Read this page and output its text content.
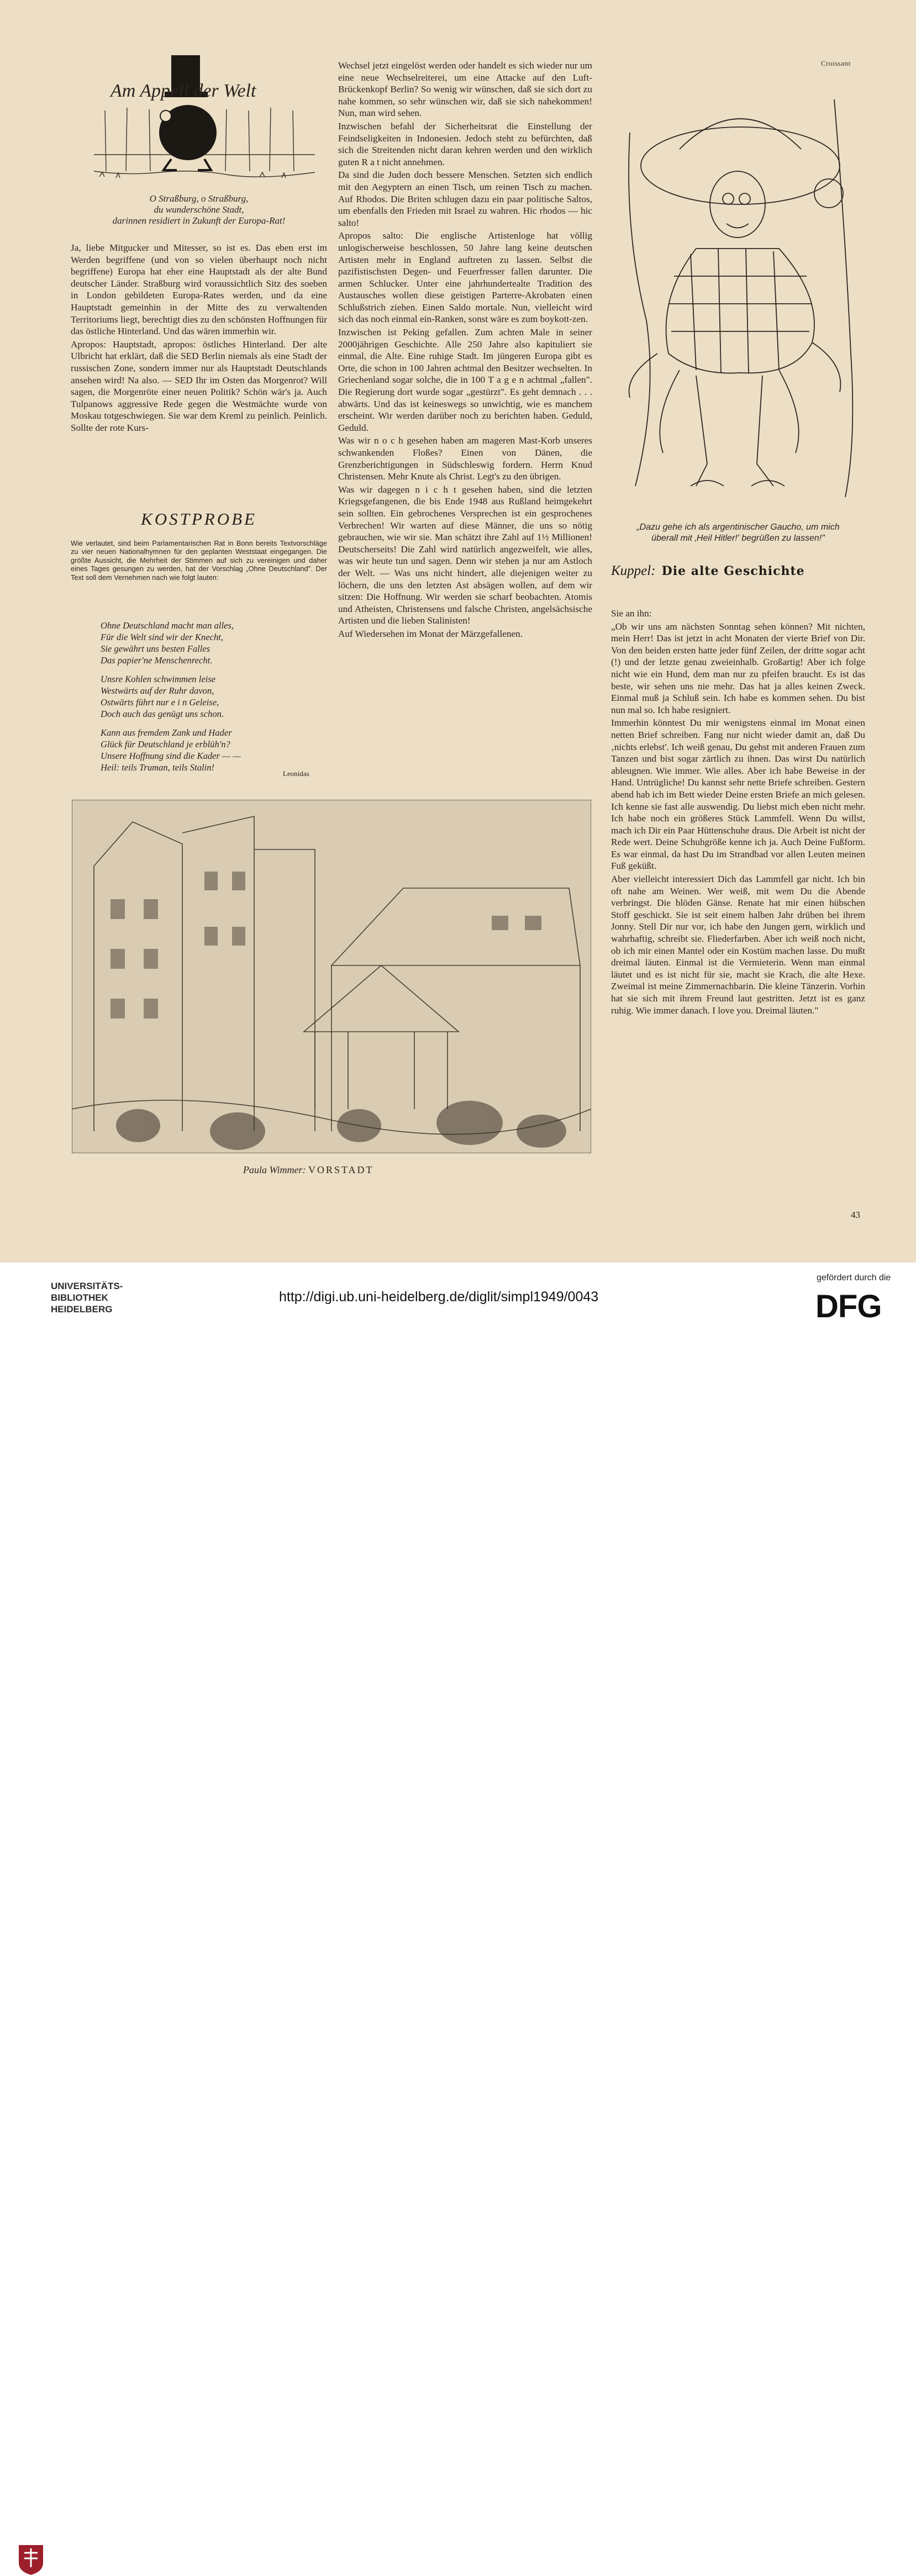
Am Appell der Welt
O Straßburg, o Straßburg,
du wunderschöne Stadt,
darinnen residiert in Zukunft der Europa-Rat!

Ja, liebe Mitgucker und Mitesser, so ist es. Das eben erst im Werden begriffene (und von so vielen überhaupt noch nicht begriffene) Europa hat eher eine Hauptstadt als der alte Bund deutscher Länder. Straßburg wird voraussichtlich Sitz des soeben in London gebildeten Europa-Rates werden, und da eine Hauptstadt gemeinhin in der Mitte des zu verwaltenden Territoriums liegt, berechtigt dies zu den schönsten Hoffnungen für das östliche Hinterland. Und das wären immerhin wir.

Apropos: Hauptstadt, apropos: östliches Hinterland. Der alte Ulbricht hat erklärt, daß die SED Berlin niemals als eine Stadt der russischen Zone, sondern immer nur als Hauptstadt Deutschlands ansehen wird! Na also. — SED Ihr im Osten das Morgenrot? Will sagen, die Morgenröte einer neuen Politik? Schön wär's ja. Auch Tulpanows aggressive Rede gegen die Westmächte wurde von Moskau totgeschwiegen. Sie war dem Kreml zu peinlich. Peinlich. Sollte der rote Kurs-

KOSTPROBE
Wie verlautet, sind beim Parlamentarischen Rat in Bonn bereits Textvorschläge zu vier neuen Nationalhymnen für den geplanten Weststaat eingegangen. Die größte Aussicht, die Mehrheit der Stimmen auf sich zu vereinigen und daher eines Tages gesungen zu werden, hat der Vorschlag „Ohne Deutschland". Der Text soll dem Vernehmen nach wie folgt lauten:
Ohne Deutschland macht man alles,
Für die Welt sind wir der Knecht,
Sie gewährt uns besten Falles
Das papier'ne Menschenrecht.
Unsre Kohlen schwimmen leise
Westwärts auf der Ruhr davon,
Ostwärts führt nur e i n Geleise,
Doch auch das genügt uns schon.
Kann aus fremdem Zank und Hader
Glück für Deutschland je erblüh'n?
Unsere Hoffnung sind die Kader — —
Heil: teils Truman, teils Stalin!
Leonidas

Wechsel jetzt eingelöst werden oder handelt es sich wieder nur um eine neue Wechselreiterei, um eine Attacke auf den Luft-Brückenkopf Berlin? So wenig wir wünschen, daß sie sich dort zu nahe kommen, so sehr wünschen wir, daß sie sich nahekommen! Nun, man wird sehen.

Inzwischen befahl der Sicherheitsrat die Einstellung der Feindseligkeiten in Indonesien. Jedoch steht zu befürchten, daß sich die Streitenden nicht daran kehren werden und den wirklich guten R a t nicht annehmen.

Da sind die Juden doch bessere Menschen. Setzten sich endlich mit den Aegyptern an einen Tisch, um reinen Tisch zu machen. Auf Rhodos. Die Briten schlugen dazu ein paar politische Saltos, um ebenfalls den Frieden mit Israel zu wahren. Hic rhodos — hic salto!

Apropos salto: Die englische Artistenloge hat völlig unlogischerweise beschlossen, 50 Jahre lang keine deutschen Artisten mehr in England auftreten zu lassen. Selbst die pazifistischsten Degen- und Feuerfresser fallen darunter. Die armen Schlucker. Unter eine jahrhundertealte Tradition des Austausches wollen diese geistigen Parterre-Akrobaten einen Schlußstrich ziehen. Einen Saldo mortale. Nun, vielleicht wird sich das noch einmal ein-Ranken, sonst wäre es zum boykott-zen.

Inzwischen ist Peking gefallen. Zum achten Male in seiner 2000jährigen Geschichte. Alle 250 Jahre also kapituliert sie einmal, die Alte. Eine ruhige Stadt. Im jüngeren Europa gibt es Orte, die schon in 100 Jahren achtmal den Besitzer wechselten. In Griechenland sogar solche, die in 100 T a g e n achtmal „fallen". Die Regierung dort wurde sogar „gestürzt". Es geht demnach . . . abwärts. Und das ist keineswegs so unwichtig, wie es manchem erscheint. Wir werden darüber noch zu berichten haben. Geduld, Geduld.

Was wir n o c h gesehen haben am mageren Mast-Korb unseres schwankenden Floßes? Einen von Dänen, die Grenzberichtigungen in Südschleswig fordern. Herrn Knud Christensen. Mehr Knute als Christ. Legt's zu den übrigen.

Was wir dagegen n i c h t gesehen haben, sind die letzten Kriegsgefangenen, die bis Ende 1948 aus Rußland heimgekehrt sein sollten. Ein gebrochenes Versprechen ist ein gesprochenes Verbrechen! Wir warten auf diese Männer, die uns so nötig gebrauchen, wie wir sie. Man schätzt ihre Zahl auf 1½ Millionen! Deutscherseits! Die Zahl wird natürlich angezweifelt, wie alles, was wir heute tun und sagen. Denn wir stehen ja nur am Astloch der Welt. — Was uns nicht hindert, alle diejenigen weiter zu löchern, die uns den letzten Ast absägen wollen, auf dem wir sitzen: Die Hoffnung. Wir werden sie scharf beobachten. Atomis und Atheisten, Christensens und falsche Christen, angelsächsische Artisten und die lieben Stalinisten!

Auf Wiedersehen im Monat der Märzgefallenen.

Croissant
„Dazu gehe ich als argentinischer Gaucho, um mich
überall mit ‚Heil Hitler!' begrüßen zu lassen!"
Kuppel: Die alte Geschichte

Sie an ihn:

„Ob wir uns am nächsten Sonntag sehen können? Mit nichten, mein Herr! Das ist jetzt in acht Monaten der vierte Brief von Dir. Von den beiden ersten hatte jeder fünf Zeilen, der dritte sogar acht (!) und der letzte genau zweieinhalb. Großartig! Aber ich folge nicht wie ein Hund, dem man nur zu pfeifen braucht. Es ist das beste, wir sehen uns nie mehr. Das hat ja alles keinen Zweck. Einmal muß ja Schluß sein. Ich habe es kommen sehen. Du bist nun mal so. Ich habe resigniert.

Immerhin könntest Du mir wenigstens einmal im Monat einen netten Brief schreiben. Fang nur nicht wieder damit an, daß Du ‚nichts erlebst'. Ich weiß genau, Du gehst mit anderen Frauen zum Tanzen und bist sogar zärtlich zu ihnen. Das wirst Du natürlich ableugnen. Wie immer. Wie alles. Aber ich habe Beweise in der Hand. Untrügliche! Du kannst sehr nette Briefe schreiben. Gestern abend hab ich im Bett wieder Deine ersten Briefe an mich gelesen. Ich kenne sie fast alle auswendig. Du liebst mich eben nicht mehr. Ich habe noch ein größeres Stück Lammfell. Wenn Du willst, mach ich Dir ein Paar Hüttenschuhe draus. Die Arbeit ist nicht der Rede wert. Deine Schuhgröße kenne ich ja. Auch Deine Fußform. Es war einmal, da hast Du im Strandbad vor allen Leuten meinen Fuß geküßt.

Aber vielleicht interessiert Dich das Lammfell gar nicht. Ich bin oft nahe am Weinen. Wer weiß, mit wem Du die Abende verbringst. Die blöden Gänse. Renate hat mir einen hübschen Stoff geschickt. Sie ist seit einem halben Jahr drüben bei ihrem Jonny. Stell Dir nur vor, ich habe den Jungen gern, wirklich und wahrhaftig, schreibt sie. Fliederfarben. Aber ich weiß noch nicht, ob ich mir einen Mantel oder ein Kostüm machen lasse. Du mußt dreimal läuten. Einmal ist die Vermieterin. Wenn man einmal läutet und es ist nicht für sie, macht sie Krach, die alte Hexe. Zweimal ist meine Zimmernachbarin. Die kleine Tänzerin. Vorhin hat sie sich mit ihrem Freund laut gestritten. Jetzt ist es ganz ruhig. Wie immer danach. I love you. Dreimal läuten."

Paula Wimmer: VORSTADT
43
UNIVERSITÄTS-
BIBLIOTHEK
HEIDELBERG
http://digi.ub.uni-heidelberg.de/diglit/simpl1949/0043
gefördert durch die
DFG
